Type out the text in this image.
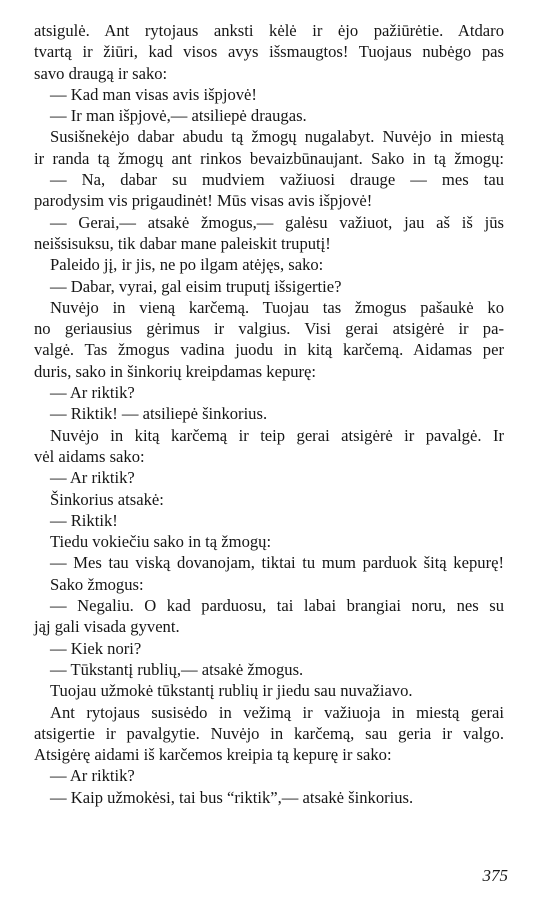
atsigulė. Ant rytojaus anksti kėlė ir ėjo pažiūrėtie. Atdaro

tvartą ir žiūri, kad visos avys išsmaugtos! Tuojaus nubėgo pas

savo draugą ir sako:

— Kad man visas avis išpjovė!

— Ir man išpjovė,— atsiliepė draugas.

Susišnekėjo dabar abudu tą žmogų nugalabyt. Nuvėjo in miestą

ir randa tą žmogų ant rinkos bevaizbūnaujant. Sako in tą žmogų:

— Na, dabar su mudviem važiuosi drauge — mes tau

parodysim vis prigaudinėt! Mūs visas avis išpjovė!

— Gerai,— atsakė žmogus,— galėsu važiuot, jau aš iš jūs

neišsisuksu, tik dabar mane paleiskit truputį!

Paleido jį, ir jis, ne po ilgam atėjęs, sako:

— Dabar, vyrai, gal eisim truputį išsigertie?

Nuvėjo in vieną karčemą. Tuojau tas žmogus pašaukė ko

no geriausius gėrimus ir valgius. Visi gerai atsigėrė ir pa-

valgė. Tas žmogus vadina juodu in kitą karčemą. Aidamas per

duris, sako in šinkorių kreipdamas kepurę:

— Ar riktik?

— Riktik! — atsiliepė šinkorius.

Nuvėjo in kitą karčemą ir teip gerai atsigėrė ir pavalgė. Ir

vėl aidams sako:

— Ar riktik?

Šinkorius atsakė:

— Riktik!

Tiedu vokiečiu sako in tą žmogų:

— Mes tau viską dovanojam, tiktai tu mum parduok šitą kepurę!

Sako žmogus:

— Negaliu. O kad parduosu, tai labai brangiai noru, nes su

jąj gali visada gyvent.

— Kiek nori?

— Tūkstantį rublių,— atsakė žmogus.

Tuojau užmokė tūkstantį rublių ir jiedu sau nuvažiavo.

Ant rytojaus susisėdo in vežimą ir važiuoja in miestą gerai

atsigertie ir pavalgytie. Nuvėjo in karčemą, sau geria ir valgo.

Atsigėrę aidami iš karčemos kreipia tą kepurę ir sako:

— Ar riktik?

— Kaip užmokėsi, tai bus “riktik”,— atsakė šinkorius.

375
